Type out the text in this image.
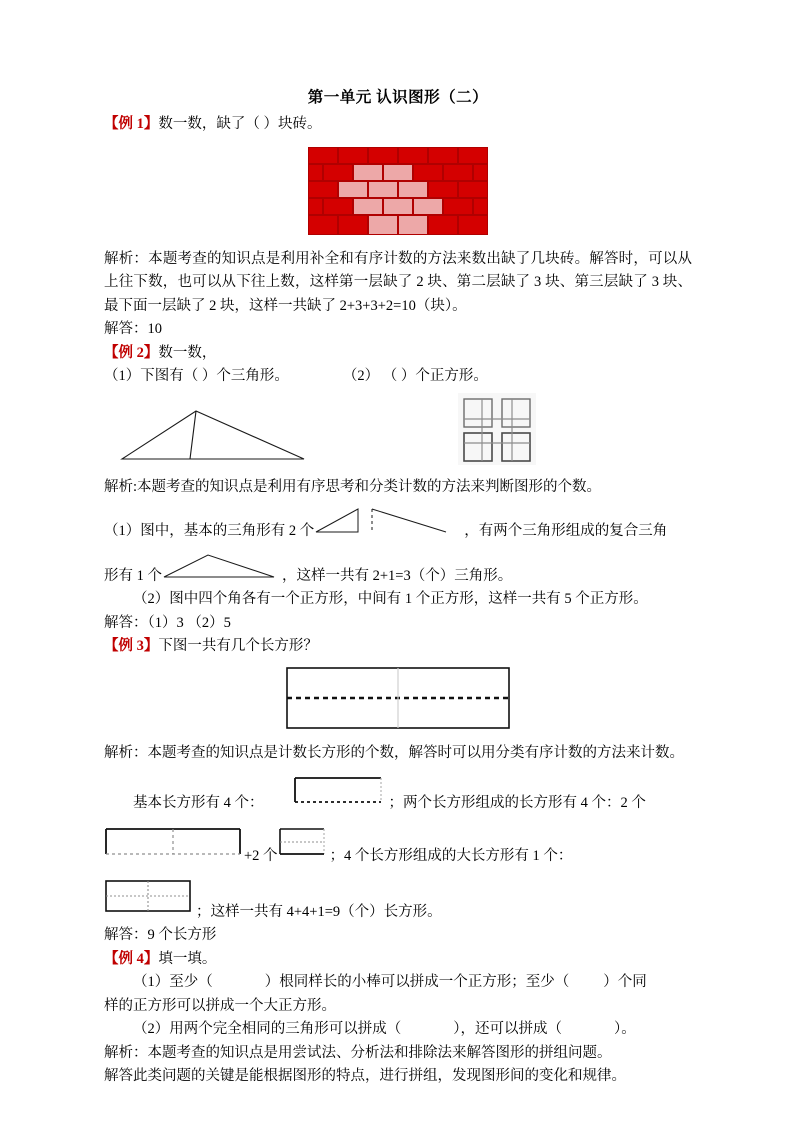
第一单元 认识图形（二）

【例 1】数一数，缺了（ ）块砖。

解析：本题考查的知识点是利用补全和有序计数的方法来数出缺了几块砖。解答时，可以从上往下数，也可以从下往上数，这样第一层缺了 2 块、第二层缺了 3 块、第三层缺了 3 块、最下面一层缺了 2 块，这样一共缺了 2+3+3+2=10（块）。

解答：10

【例 2】数一数，

（1）下图有（ ）个三角形。	（2） （ ）个正方形。

解析:本题考查的知识点是利用有序思考和分类计数的方法来判断图形的个数。

（1）图中，基本的三角形有 2 个	，有两个三角形组成的复合三角

形有 1 个	，这样一共有 2+1=3（个）三角形。

（2）图中四个角各有一个正方形，中间有 1 个正方形，这样一共有 5 个正方形。

解答：（1）3 （2）5

【例 3】下图一共有几个长方形？

解析：本题考查的知识点是计数长方形的个数，解答时可以用分类有序计数的方法来计数。

基本长方形有 4 个：	；两个长方形组成的长方形有 4 个：2 个

+2 个	；4 个长方形组成的大长方形有 1 个：

；这样一共有 4+4+1=9（个）长方形。

解答：9 个长方形

【例 4】填一填。

（1）至少（	）根同样长的小棒可以拼成一个正方形；至少（ ）个同

样的正方形可以拼成一个大正方形。

（2）用两个完全相同的三角形可以拼成（	），还可以拼成（	）。

解析：本题考查的知识点是用尝试法、分析法和排除法来解答图形的拼组问题。

解答此类问题的关键是能根据图形的特点，进行拼组，发现图形间的变化和规律。
